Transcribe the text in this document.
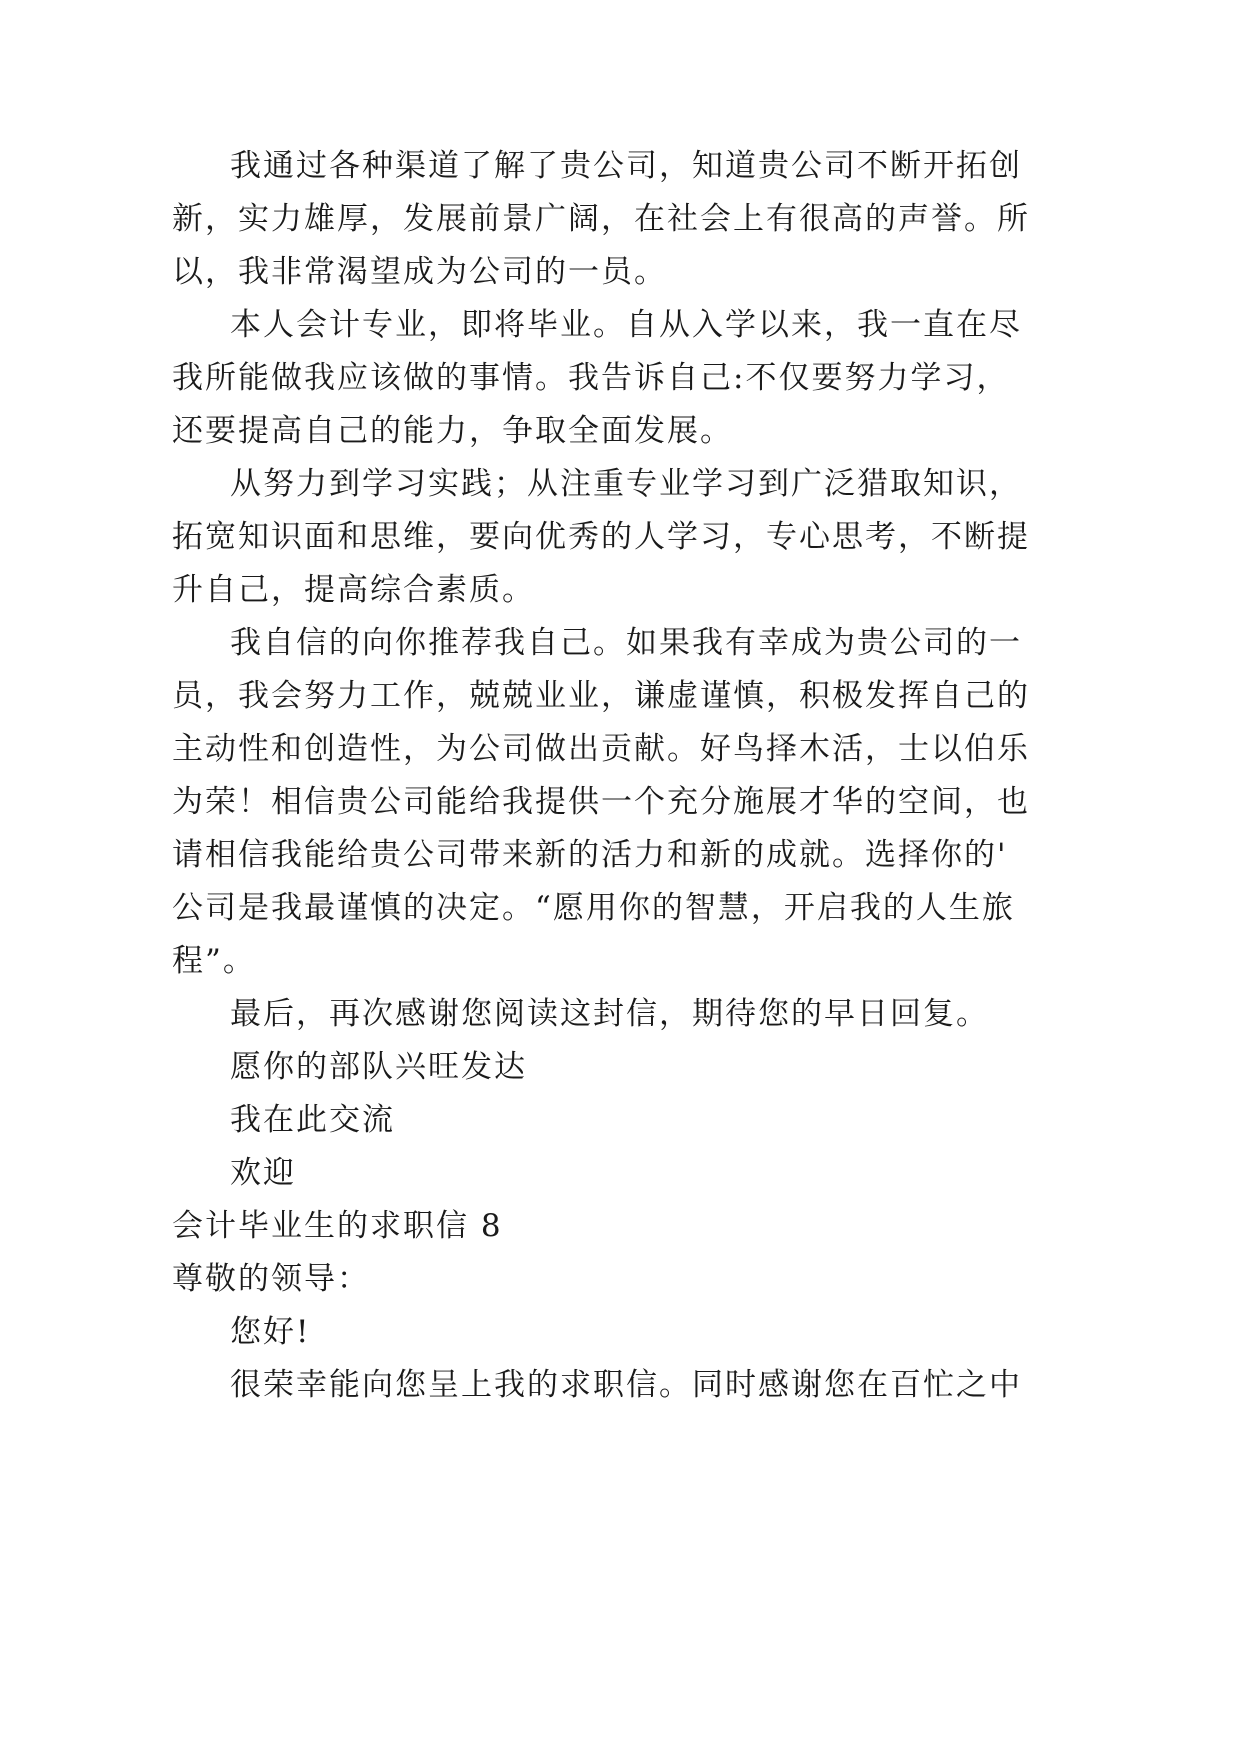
我通过各种渠道了解了贵公司，知道贵公司不断开拓创
新，实力雄厚，发展前景广阔，在社会上有很高的声誉。所
以，我非常渴望成为公司的一员。
本人会计专业，即将毕业。自从入学以来，我一直在尽
我所能做我应该做的事情。我告诉自己:不仅要努力学习，
还要提高自己的能力，争取全面发展。
从努力到学习实践；从注重专业学习到广泛猎取知识，
拓宽知识面和思维，要向优秀的人学习，专心思考，不断提
升自己，提高综合素质。
我自信的向你推荐我自己。如果我有幸成为贵公司的一
员，我会努力工作，兢兢业业，谦虚谨慎，积极发挥自己的
主动性和创造性，为公司做出贡献。好鸟择木活，士以伯乐
为荣！相信贵公司能给我提供一个充分施展才华的空间，也
请相信我能给贵公司带来新的活力和新的成就。选择你的'
公司是我最谨慎的决定。“愿用你的智慧，开启我的人生旅
程”。
最后，再次感谢您阅读这封信，期待您的早日回复。
愿你的部队兴旺发达
我在此交流
欢迎
会计毕业生的求职信 8
尊敬的领导：
您好!
很荣幸能向您呈上我的求职信。同时感谢您在百忙之中
